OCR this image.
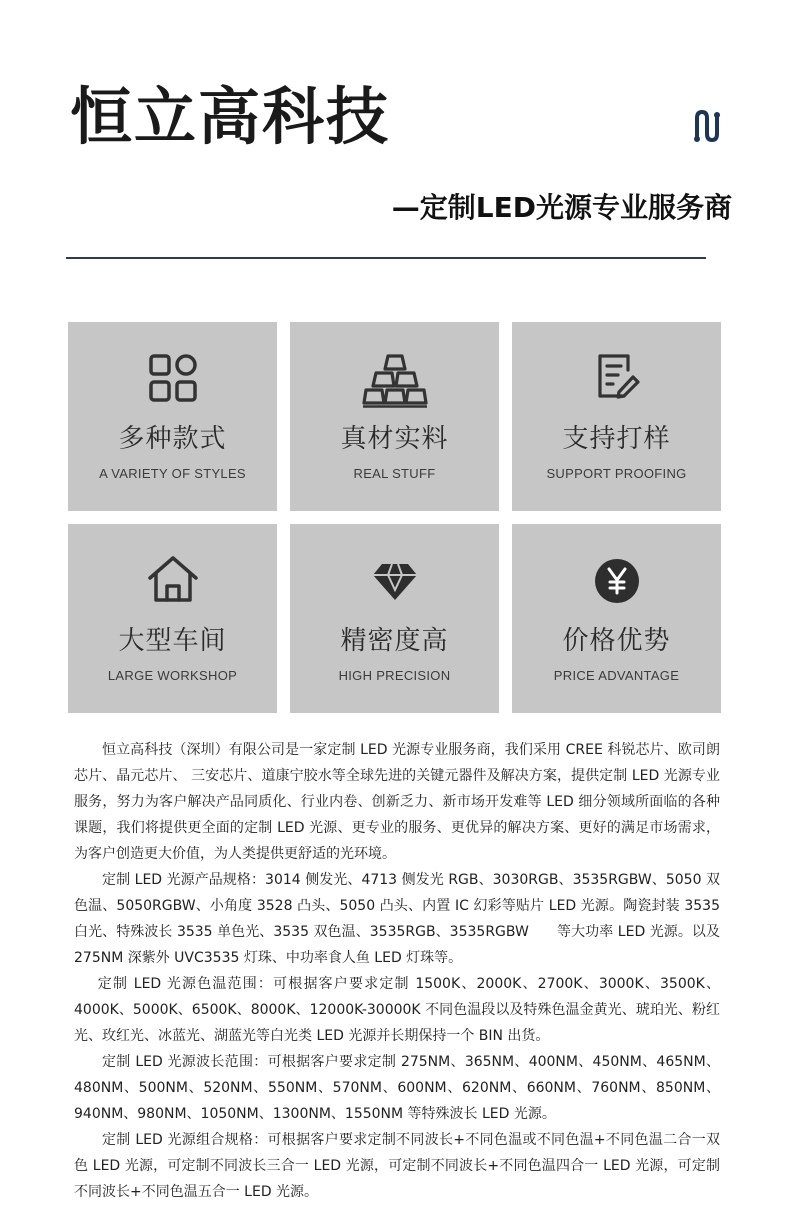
恒立高科技
—定制LED光源专业服务商
多种款式
A VARIETY OF STYLES
真材实料
REAL STUFF
支持打样
SUPPORT PROOFING
大型车间
LARGE WORKSHOP
精密度高
HIGH PRECISION
价格优势
PRICE ADVANTAGE

恒立高科技（深圳）有限公司是一家定制 LED 光源专业服务商，我们采用 CREE 科锐芯片、欧司朗芯片、晶元芯片、 三安芯片、道康宁胶水等全球先进的关键元器件及解决方案，提供定制 LED 光源专业服务，努力为客户解决产品同质化、行业内卷、创新乏力、新市场开发难等 LED 细分领域所面临的各种课题，我们将提供更全面的定制 LED 光源、更专业的服务、更优异的解决方案、更好的满足市场需求，为客户创造更大价值，为人类提供更舒适的光环境。

定制 LED 光源产品规格：3014 侧发光、4713 侧发光 RGB、3030RGB、3535RGBW、5050 双色温、5050RGBW、小角度 3528 凸头、5050 凸头、内置 IC 幻彩等贴片 LED 光源。陶瓷封装 3535 白光、特殊波长 3535 单色光、3535 双色温、3535RGB、3535RGBW　　等大功率 LED 光源。以及 275NM 深紫外 UVC3535 灯珠、中功率食人鱼 LED 灯珠等。

定制 LED 光源色温范围：可根据客户要求定制 1500K、2000K、2700K、3000K、3500K、4000K、5000K、6500K、8000K、12000K-30000K 不同色温段以及特殊色温金黄光、琥珀光、粉红光、玫红光、冰蓝光、湖蓝光等白光类 LED 光源并长期保持一个 BIN 出货。

定制 LED 光源波长范围：可根据客户要求定制 275NM、365NM、400NM、450NM、465NM、480NM、500NM、520NM、550NM、570NM、600NM、620NM、660NM、760NM、850NM、940NM、980NM、1050NM、1300NM、1550NM 等特殊波长 LED 光源。

定制 LED 光源组合规格：可根据客户要求定制不同波长+不同色温或不同色温+不同色温二合一双色 LED 光源，可定制不同波长三合一 LED 光源，可定制不同波长+不同色温四合一 LED 光源，可定制不同波长+不同色温五合一 LED 光源。
